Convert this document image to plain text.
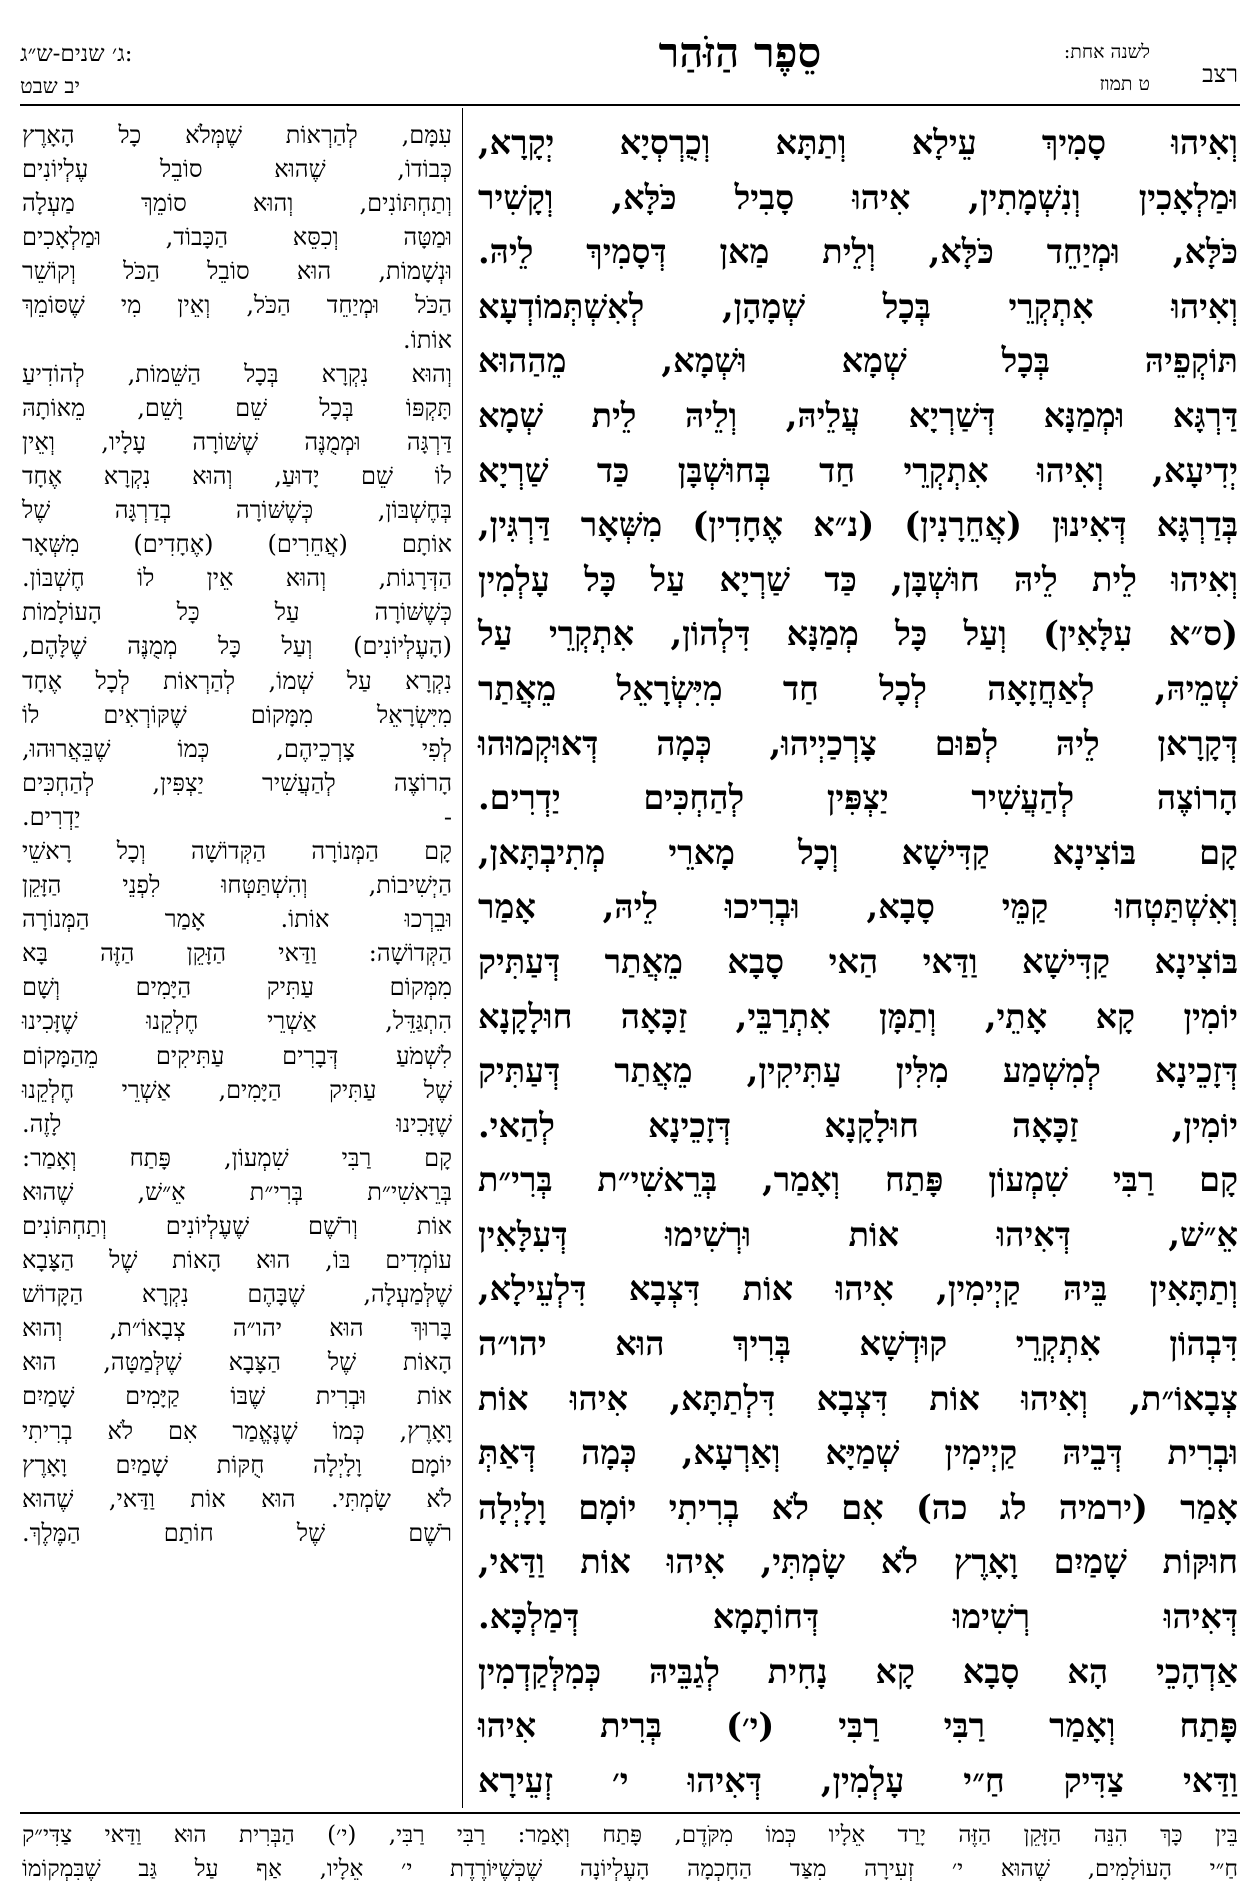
ג׳ שנים-ש״ג:
יב שבט
סֵפֶר הַזֹּהַר	לשנה אחת:
ט תמוז רצב

וְאִיהוּ סָמִיךְ עֵילָא וְתַתָּא וְכֻרְסְיָא יְקָרָא,

וּמַלְאָכִין וְנִשְׁמָתִין, אִיהוּ סָבִיל כֹּלָּא, וְקָשִׁיר

כֹּלָּא, וּמְיַחֵד כֹּלָּא, וְלֵית מַאן דְּסָמִיךְ לֵיהּ.

וְאִיהוּ אִתְקְרֵי בְּכָל שְׁמָהָן, לְאִשְׁתְּמוֹדְעָא

תּוֹקְפֵיהּ בְּכָל שְׁמָא וּשְׁמָא, מֵהַהוּא

דַּרְגָּא וּמְמַנָּא דְּשַׁרְיָא עֲלֵיהּ, וְלֵיהּ לֵית שְׁמָא

יְדִיעָא, וְאִיהוּ אִתְקְרֵי חַד בְּחוּשְׁבָּן כַּד שַׁרְיָא

בְּדַרְגָּא דְּאִינוּן (אֲחֵרָנִין) (נ״א אֶחָדִין) מִשְּׁאָר דַּרְגִּין,

וְאִיהוּ לֵית לֵיהּ חוּשְׁבָּן, כַּד שַׁרְיָא עַל כָּל עָלְמִין

(ס״א עִלָּאִין) וְעַל כָּל מְמַנָּא דִּלְהוֹן, אִתְקְרֵי עַל

שְׁמֵיהּ, לְאַחֲזָאָה לְכָל חַד מִיִּשְׂרָאֵל מֵאֲתַר

דְּקָרָאן לֵיהּ לְפוּם צָרְכַיְיהוּ, כְּמָה דְּאוּקְמוּהוּ

הָרוֹצֶה לְהַעֲשִׁיר יַצְפִּין לְהַחְכִּים יַדְרִים.

קָם בּוֹצִינָא קַדִּישָׁא וְכָל מָארֵי מְתִיבְתָּאן,

וְאִשְׁתַּטְחוּ קַמֵּי סָבָא, וּבְרִיכוּ לֵיהּ, אָמַר

בּוֹצִינָא קַדִּישָׁא וַדַּאי הַאי סָבָא מֵאֲתַר דְּעַתִּיק

יוֹמִין קָא אָתֵי, וְתַמָּן אִתְרַבֵּי, זַכָּאָה חוּלָקָנָא

דְּזָכֵינָא לְמִשְׁמַע מִלִּין עַתִּיקִין, מֵאֲתַר דְּעַתִּיק

יוֹמִין, זַכָּאָה חוּלָקָנָא דְּזָכֵינָא לְהַאי.

קָם רַבִּי שִׁמְעוֹן פָּתַח וְאָמַר, בְּרֵאשִׁי״ת בְּרִי״ת

אֵ״שׁ, דְּאִיהוּ אוֹת וּרְשִׁימוּ דְּעִלָּאִין

וְתַתָּאִין בֵּיהּ קַיְימִין, אִיהוּ אוֹת דִּצְבָא דִּלְעֵילָא,

דִּבְהוֹן אִתְקְרֵי קוּדְשָׁא בְּרִיךְ הוּא יהו״ה

צְבָאוֹ״ת, וְאִיהוּ אוֹת דִּצְבָא דִּלְתַתָּא, אִיהוּ אוֹת

וּבְרִית דְּבֵיהּ קַיְימִין שְׁמַיָּא וְאַרְעָא, כְּמָה דְּאַתְּ

אָמַר (ירמיה לג כה) אִם לֹא בְרִיתִי יוֹמָם וָלָיְלָה

חוּקּוֹת שָׁמַיִם וָאָרֶץ לֹא שָׂמְתִּי, אִיהוּ אוֹת וַדַּאי,

דְּאִיהוּ רְשִׁימוּ דְּחוֹתָמָא דְּמַלְכָּא.

אַדְהָכֵי הָא סָבָא קָא נָחִית לְגַבֵּיהּ כְּמִלְּקַדְמִין

פָּתַח וְאָמַר רַבִּי רַבִּי (י׳) בְּרִית אִיהוּ

וַדַּאי צַדִּיק חַ״י עָלְמִין, דְּאִיהוּ י׳ זְעֵירָא

עִמָּם, לְהַרְאוֹת שֶׁמְּלֹא כָל הָאָרֶץ

כְּבוֹדוֹ, שֶׁהוּא סוֹבֵל עֶלְיוֹנִים

וְתַחְתּוֹנִים, וְהוּא סוֹמֵךְ מַעְלָה

וּמַטָּה וְכִסֵּא הַכָּבוֹד, וּמַלְאָכִים

וּנְשָׁמוֹת, הוּא סוֹבֵל הַכֹּל וְקוֹשֵׁר

הַכֹּל וּמְיַחֵד הַכֹּל, וְאֵין מִי שֶׁסּוֹמֵךְ

אוֹתוֹ.

וְהוּא נִקְרָא בְּכָל הַשֵּׁמוֹת, לְהוֹדִיעַ

תָּקְפּוֹ בְּכָל שֵׁם וָשֵׁם, מֵאוֹתָהּ

דַּרְגָּה וּמְמֻנֶּה שֶׁשּׁוֹרָה עָלָיו, וְאֵין

לוֹ שֵׁם יָדוּעַ, וְהוּא נִקְרָא אֶחָד

בְּחֶשְׁבּוֹן, כְּשֶׁשּׁוֹרָה בְדַרְגָּה שֶׁל

אוֹתָם (אֲחֵרִים) (אֶחָדִים) מִשְּׁאָר

הַדְּרָגוֹת, וְהוּא אֵין לוֹ חֶשְׁבּוֹן.

כְּשֶׁשּׁוֹרָה עַל כָּל הָעוֹלָמוֹת

(הָעֶלְיוֹנִים) וְעַל כָּל מְמֻנֶּה שֶׁלָּהֶם,

נִקְרָא עַל שְׁמוֹ, לְהַרְאוֹת לְכָל אֶחָד

מִיִּשְׂרָאֵל מִמָּקוֹם שֶׁקּוֹרְאִים לוֹ

לְפִי צָרְכֵיהֶם, כְּמוֹ שֶׁבֵּאֲרוּהוּ,

הָרוֹצֶה לְהַעֲשִׁיר יַצְפִּין, לְהַחְכִּים

- יַדְרִים.

קָם הַמְּנוֹרָה הַקְּדוֹשָׁה וְכָל רָאשֵׁי

הַיְשִׁיבוֹת, וְהִשְׁתַּטְּחוּ לִפְנֵי הַזָּקֵן

וּבֵרְכוּ אוֹתוֹ. אָמַר הַמְּנוֹרָה

הַקְּדוֹשָׁה: וַדַּאי הַזָּקֵן הַזֶּה בָּא

מִמְּקוֹם עַתִּיק הַיָּמִים וְשָׁם

הִתְגַּדֵּל, אַשְׁרֵי חֶלְקֵנוּ שֶׁזָּכִינוּ

לִשְׁמֹעַ דְּבָרִים עַתִּיקִים מֵהַמָּקוֹם

שֶׁל עַתִּיק הַיָּמִים, אַשְׁרֵי חֶלְקֵנוּ

שֶׁזָּכִינוּ לָזֶה.

קָם רַבִּי שִׁמְעוֹן, פָּתַח וְאָמַר:

בְּרֵאשִׁי״ת בְּרִי״ת אֵ״שׁ, שֶׁהוּא

אוֹת וְרֹשֶׁם שֶׁעֶלְיוֹנִים וְתַחְתּוֹנִים

עוֹמְדִים בּוֹ, הוּא הָאוֹת שֶׁל הַצָּבָא

שֶׁלְּמַעְלָה, שֶׁבָּהֶם נִקְרָא הַקָּדוֹשׁ

בָּרוּךְ הוּא יהו״ה צְבָאוֹ״ת, וְהוּא

הָאוֹת שֶׁל הַצָּבָא שֶׁלְּמַטָּה, הוּא

אוֹת וּבְרִית שֶׁבּוֹ קַיָּמִים שָׁמַיִם

וָאָרֶץ, כְּמוֹ שֶׁנֶּאֱמַר אִם לֹא בְרִיתִי

יוֹמָם וָלָיְלָה חֻקּוֹת שָׁמַיִם וָאָרֶץ

לֹא שָׂמְתִּי. הוּא אוֹת וַדַּאי, שֶׁהוּא

רֹשֶׁם שֶׁל חוֹתַם הַמֶּלֶךְ.

בֵּין כָּךְ הִנֵּה הַזָּקֵן הַזֶּה יָרַד אֵלָיו כְּמוֹ מִקֹּדֶם, פָּתַח וְאָמַר: רַבִּי רַבִּי, (י׳) הַבְּרִית הוּא וַדַּאי צַדִּי״ק

חַ״י הָעוֹלָמִים, שֶׁהוּא י׳ זְעִירָה מִצַּד הַחָכְמָה הָעֶלְיוֹנָה שֶׁכְּשֶׁיּוֹרֶדֶת י׳ אֵלָיו, אַף עַל גַּב שֶׁבִּמְקוֹמוֹ
